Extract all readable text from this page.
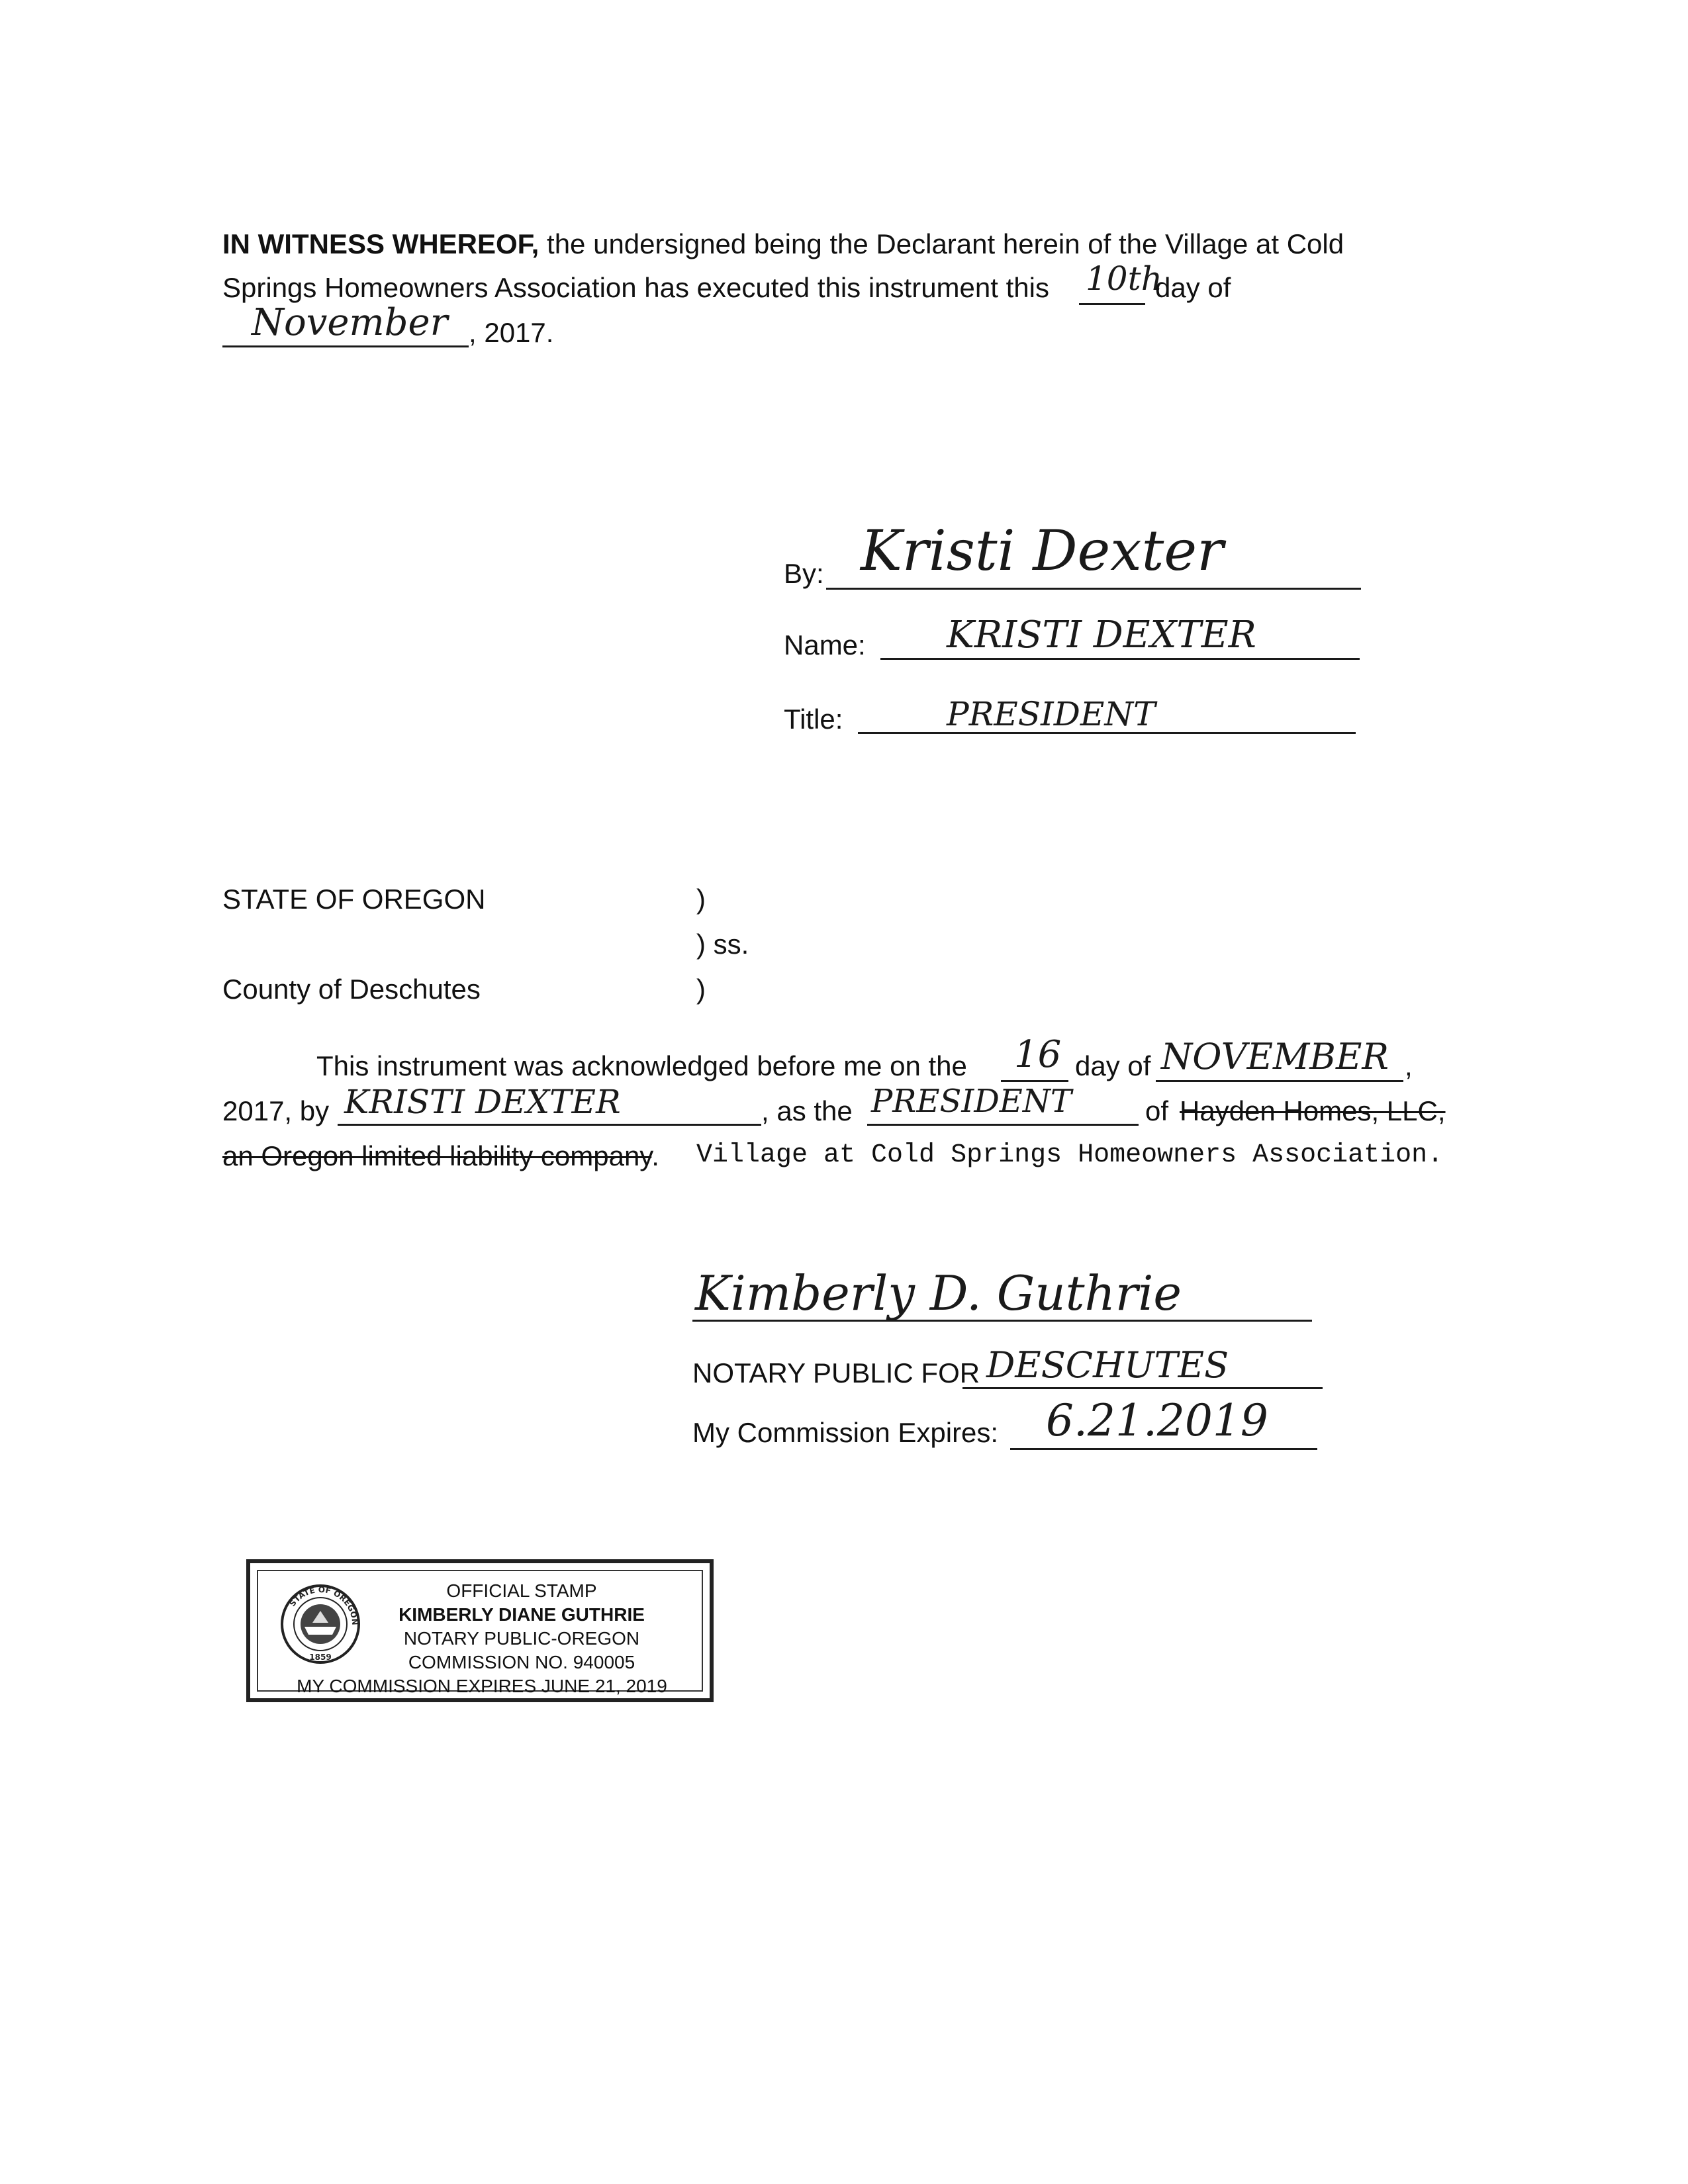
IN WITNESS WHEREOF, the undersigned being the Declarant herein of the Village at Cold
Springs Homeowners Association has executed this instrument this 10th
day of
November , 2017.
By: Kristi Dexter
Name: KRISTI DEXTER
Title:	PRESIDENT
STATE OF OREGON	)
) ss.
County of Deschutes	)
This instrument was acknowledged before me on the 16 day of NOVEMBER ,
2017, by KRISTI DEXTER	, as the PRESIDENT	of Hayden Homes, LLC,
an Oregon limited liability company. Village at Cold Springs Homeowners Association.
Kimberly D. Guthrie
NOTARY PUBLIC FOR DESCHUTES
My Commission Expires: 6.21.2019
STATE OF OREGON
1859
OFFICIAL STAMP
KIMBERLY DIANE GUTHRIE
NOTARY PUBLIC-OREGON
COMMISSION NO. 940005
MY COMMISSION EXPIRES JUNE 21, 2019
